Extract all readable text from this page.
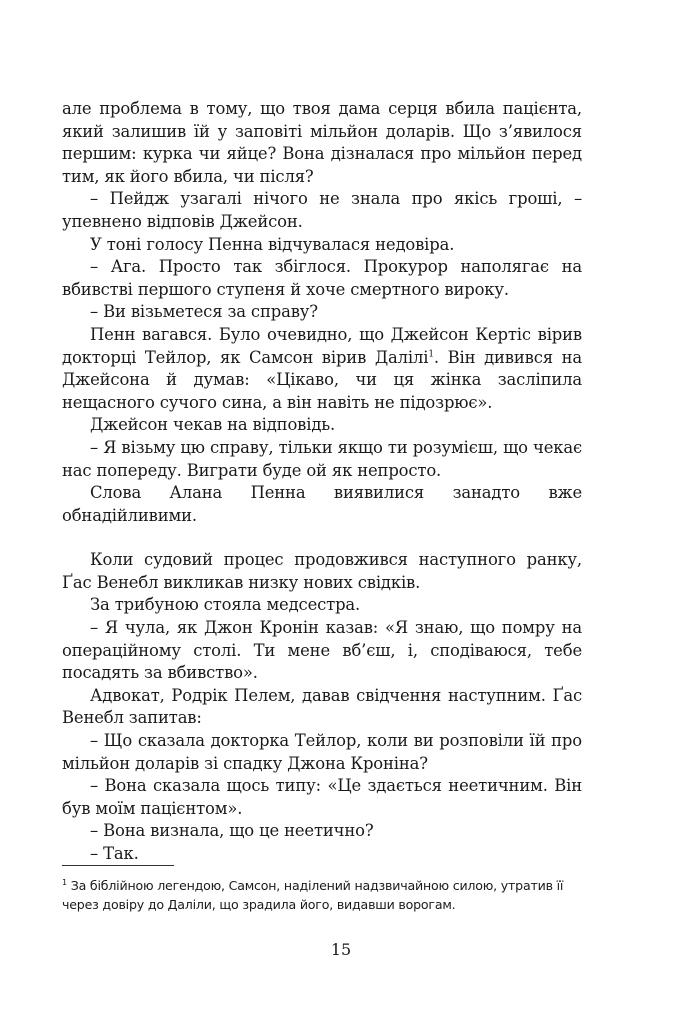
але проблема в тому, що твоя дама серця вбила пацієнта, який залишив їй у заповіті мільйон доларів. Що з’явилося першим: курка чи яйце? Вона дізналася про мільйон перед тим, як його вбила, чи після?

– Пейдж узагалі нічого не знала про якісь гроші, – упевнено відповів Джейсон.

У тоні голосу Пенна відчувалася недовіра.

– Ага. Просто так збіглося. Прокурор наполягає на вбивстві першого ступеня й хоче смертного вироку.

– Ви візьметеся за справу?

Пенн вагався. Було очевидно, що Джейсон Кертіс вірив докторці Тейлор, як Самсон вірив Далілі$^1$. Він дивився на Джейсона й думав: «Цікаво, чи ця жінка засліпила нещасного сучого сина, а він навіть не підозрює».

Джейсон чекав на відповідь.

– Я візьму цю справу, тільки якщо ти розумієш, що чекає нас попереду. Виграти буде ой як непросто.

Слова Алана Пенна виявилися занадто вже обнадійливими.

Коли судовий процес продовжився наступного ранку, Ґас Венебл викликав низку нових свідків.

За трибуною стояла медсестра.

– Я чула, як Джон Кронін казав: «Я знаю, що помру на операційному столі. Ти мене вб’єш, і, сподіваюся, тебе посадять за вбивство».

Адвокат, Родрік Пелем, давав свідчення наступним. Ґас Венебл запитав:

– Що сказала докторка Тейлор, коли ви розповіли їй про мільйон доларів зі спадку Джона Кроніна?

– Вона сказала щось типу: «Це здається неетичним. Він був моїм пацієнтом».

– Вона визнала, що це неетично?

– Так.

$^1$ За біблійною легендою, Самсон, наділений надзвичайною силою, утратив її через довіру до Даліли, що зрадила його, видавши ворогам.
15
